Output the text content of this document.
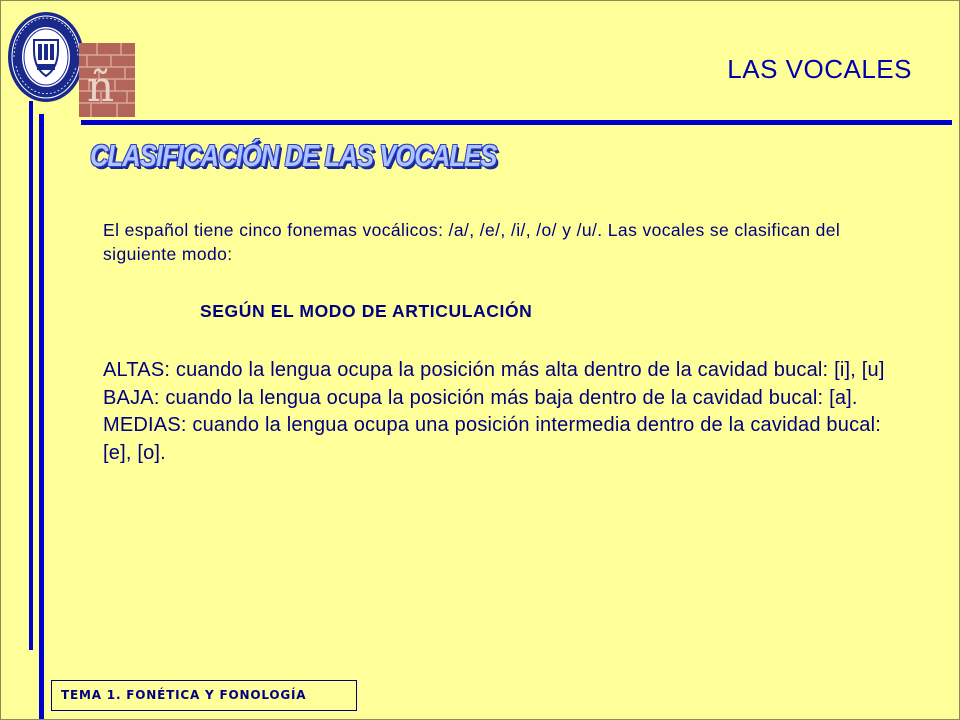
ñ	LAS VOCALES
CLASIFICACIÓN DE LAS VOCALES
El español tiene cinco fonemas vocálicos: /a/, /e/, /i/, /o/ y /u/. Las vocales se clasifican del siguiente modo:
SEGÚN EL MODO DE ARTICULACIÓN

ALTAS: cuando la lengua ocupa la posición más alta dentro de la cavidad bucal: [i], [u]

BAJA: cuando la lengua ocupa la posición más baja dentro de la cavidad bucal: [a].

MEDIAS: cuando la lengua ocupa una posición intermedia dentro de la cavidad bucal: [e], [o].

TEMA 1. FONÉTICA Y FONOLOGÍA
